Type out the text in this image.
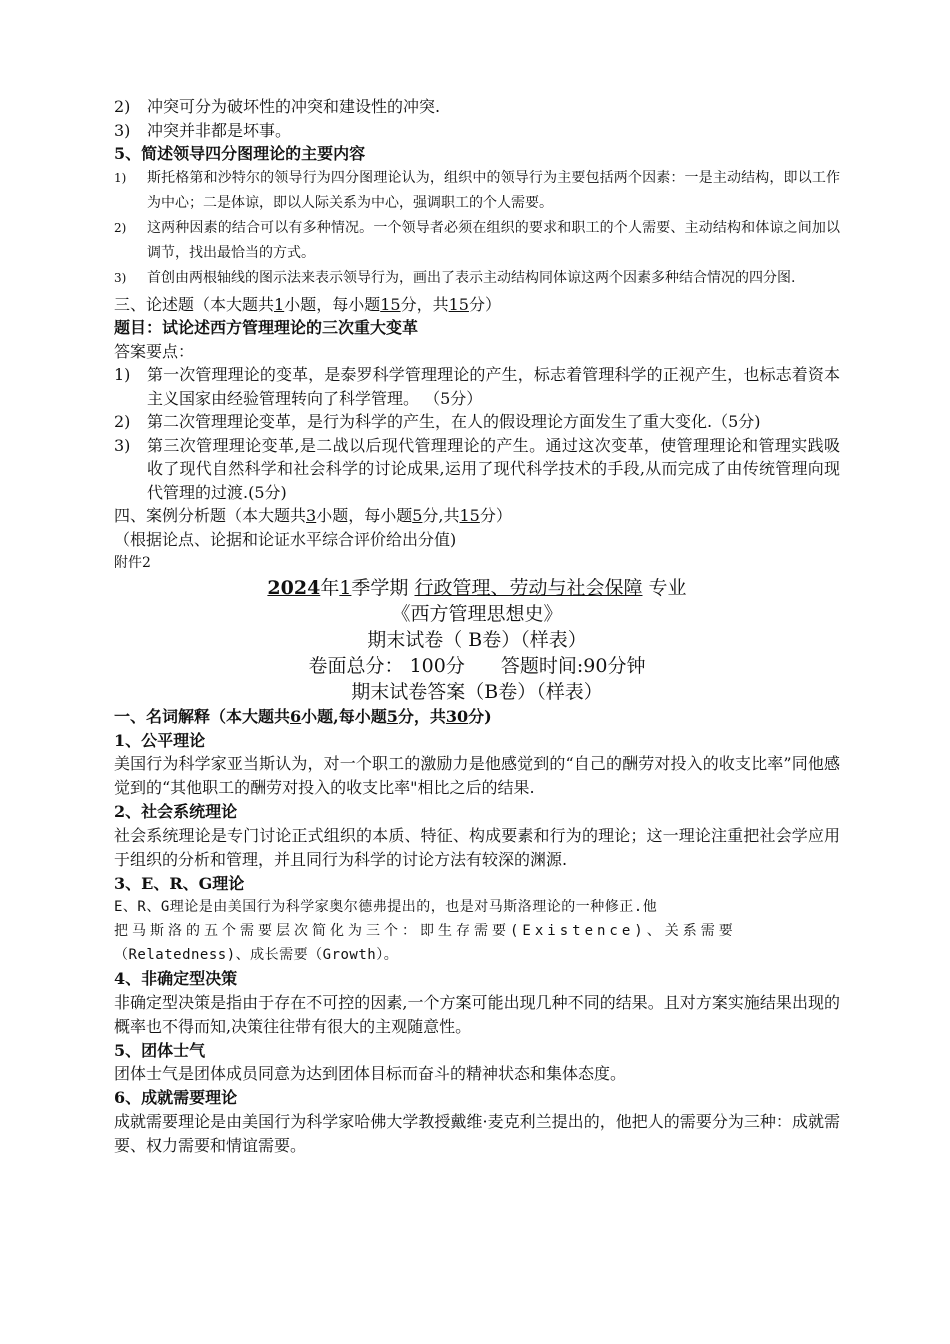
2)	冲突可分为破坏性的冲突和建设性的冲突.
3)	冲突并非都是坏事。
5、简述领导四分图理论的主要内容
1)	斯托格第和沙特尔的领导行为四分图理论认为，组织中的领导行为主要包括两个因素：一是主动结构，即以工作为中心；二是体谅，即以人际关系为中心，强调职工的个人需要。
2)	这两种因素的结合可以有多种情况。一个领导者必须在组织的要求和职工的个人需要、主动结构和体谅之间加以调节，找出最恰当的方式。
3)	首创由两根轴线的图示法来表示领导行为，画出了表示主动结构同体谅这两个因素多种结合情况的四分图.
三、论述题（本大题共1小题，每小题15分，共15分）
题目：试论述西方管理理论的三次重大变革
答案要点：
1)	第一次管理理论的变革，是泰罗科学管理理论的产生，标志着管理科学的正视产生，也标志着资本主义国家由经验管理转向了科学管理。 （5分）
2)	第二次管理理论变革，是行为科学的产生，在人的假设理论方面发生了重大变化.（5分)
3)	第三次管理理论变革,是二战以后现代管理理论的产生。通过这次变革，使管理理论和管理实践吸收了现代自然科学和社会科学的讨论成果,运用了现代科学技术的手段,从而完成了由传统管理向现代管理的过渡.(5分)
四、案例分析题（本大题共3小题，每小题5分,共15分）
（根据论点、论据和论证水平综合评价给出分值)
附件2
2024年1季学期 行政管理、劳动与社会保障 专业
《西方管理思想史》
期末试卷（ B卷）（样表）
卷面总分： 100分 答题时间:90分钟
期末试卷答案（B卷）（样表）
一、名词解释（本大题共6小题,每小题5分，共30分)
1、公平理论
美国行为科学家亚当斯认为，对一个职工的激励力是他感觉到的“自己的酬劳对投入的收支比率”同他感觉到的“其他职工的酬劳对投入的收支比率"相比之后的结果.
2、社会系统理论
社会系统理论是专门讨论正式组织的本质、特征、构成要素和行为的理论；这一理论注重把社会学应用于组织的分析和管理，并且同行为科学的讨论方法有较深的渊源.
3、E、R、G理论
E、R、G理论是由美国行为科学家奥尔德弗提出的，也是对马斯洛理论的一种修正.他
把马斯洛的五个需要层次简化为三个：即生存需要(Existence)、关系需要
（Relatedness)、成长需要（Growth）。
4、非确定型决策
非确定型决策是指由于存在不可控的因素,一个方案可能出现几种不同的结果。且对方案实施结果出现的概率也不得而知,决策往往带有很大的主观随意性。
5、团体士气
团体士气是团体成员同意为达到团体目标而奋斗的精神状态和集体态度。
6、成就需要理论
成就需要理论是由美国行为科学家哈佛大学教授戴维·麦克利兰提出的，他把人的需要分为三种：成就需要、权力需要和情谊需要。
